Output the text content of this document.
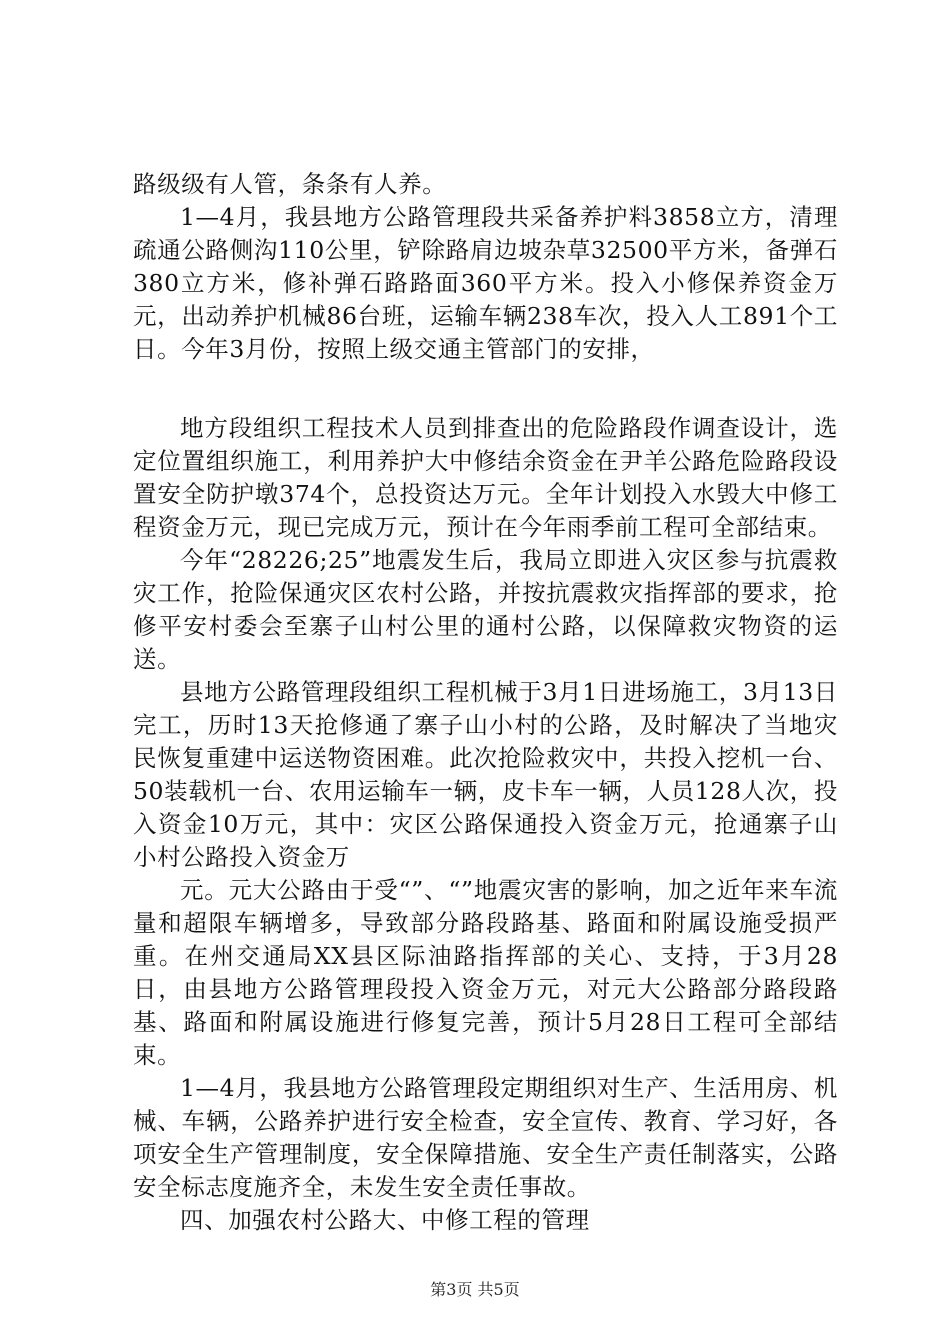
路级级有人管，条条有人养。

1—4月，我县地方公路管理段共采备养护料3858立方，清理疏通公路侧沟110公里，铲除路肩边坡杂草32500平方米，备弹石380立方米，修补弹石路路面360平方米。投入小修保养资金万元，出动养护机械86台班，运输车辆238车次，投入人工891个工日。今年3月份，按照上级交通主管部门的安排，

地方段组织工程技术人员到排查出的危险路段作调查设计，选定位置组织施工，利用养护大中修结余资金在尹羊公路危险路段设置安全防护墩374个，总投资达万元。全年计划投入水毁大中修工程资金万元，现已完成万元，预计在今年雨季前工程可全部结束。

今年“28226;25”地震发生后，我局立即进入灾区参与抗震救灾工作，抢险保通灾区农村公路，并按抗震救灾指挥部的要求，抢修平安村委会至寨子山村公里的通村公路，以保障救灾物资的运送。

县地方公路管理段组织工程机械于3月1日进场施工，3月13日完工，历时13天抢修通了寨子山小村的公路，及时解决了当地灾民恢复重建中运送物资困难。此次抢险救灾中，共投入挖机一台、50装载机一台、农用运输车一辆，皮卡车一辆，人员128人次，投入资金10万元，其中：灾区公路保通投入资金万元，抢通寨子山小村公路投入资金万

元。元大公路由于受“”、“”地震灾害的影响，加之近年来车流量和超限车辆增多，导致部分路段路基、路面和附属设施受损严重。在州交通局XX县区际油路指挥部的关心、支持，于3月28日，由县地方公路管理段投入资金万元，对元大公路部分路段路基、路面和附属设施进行修复完善，预计5月28日工程可全部结束。

1—4月，我县地方公路管理段定期组织对生产、生活用房、机械、车辆，公路养护进行安全检查，安全宣传、教育、学习好，各项安全生产管理制度，安全保障措施、安全生产责任制落实，公路安全标志度施齐全，未发生安全责任事故。

四、加强农村公路大、中修工程的管理

第3页 共5页
